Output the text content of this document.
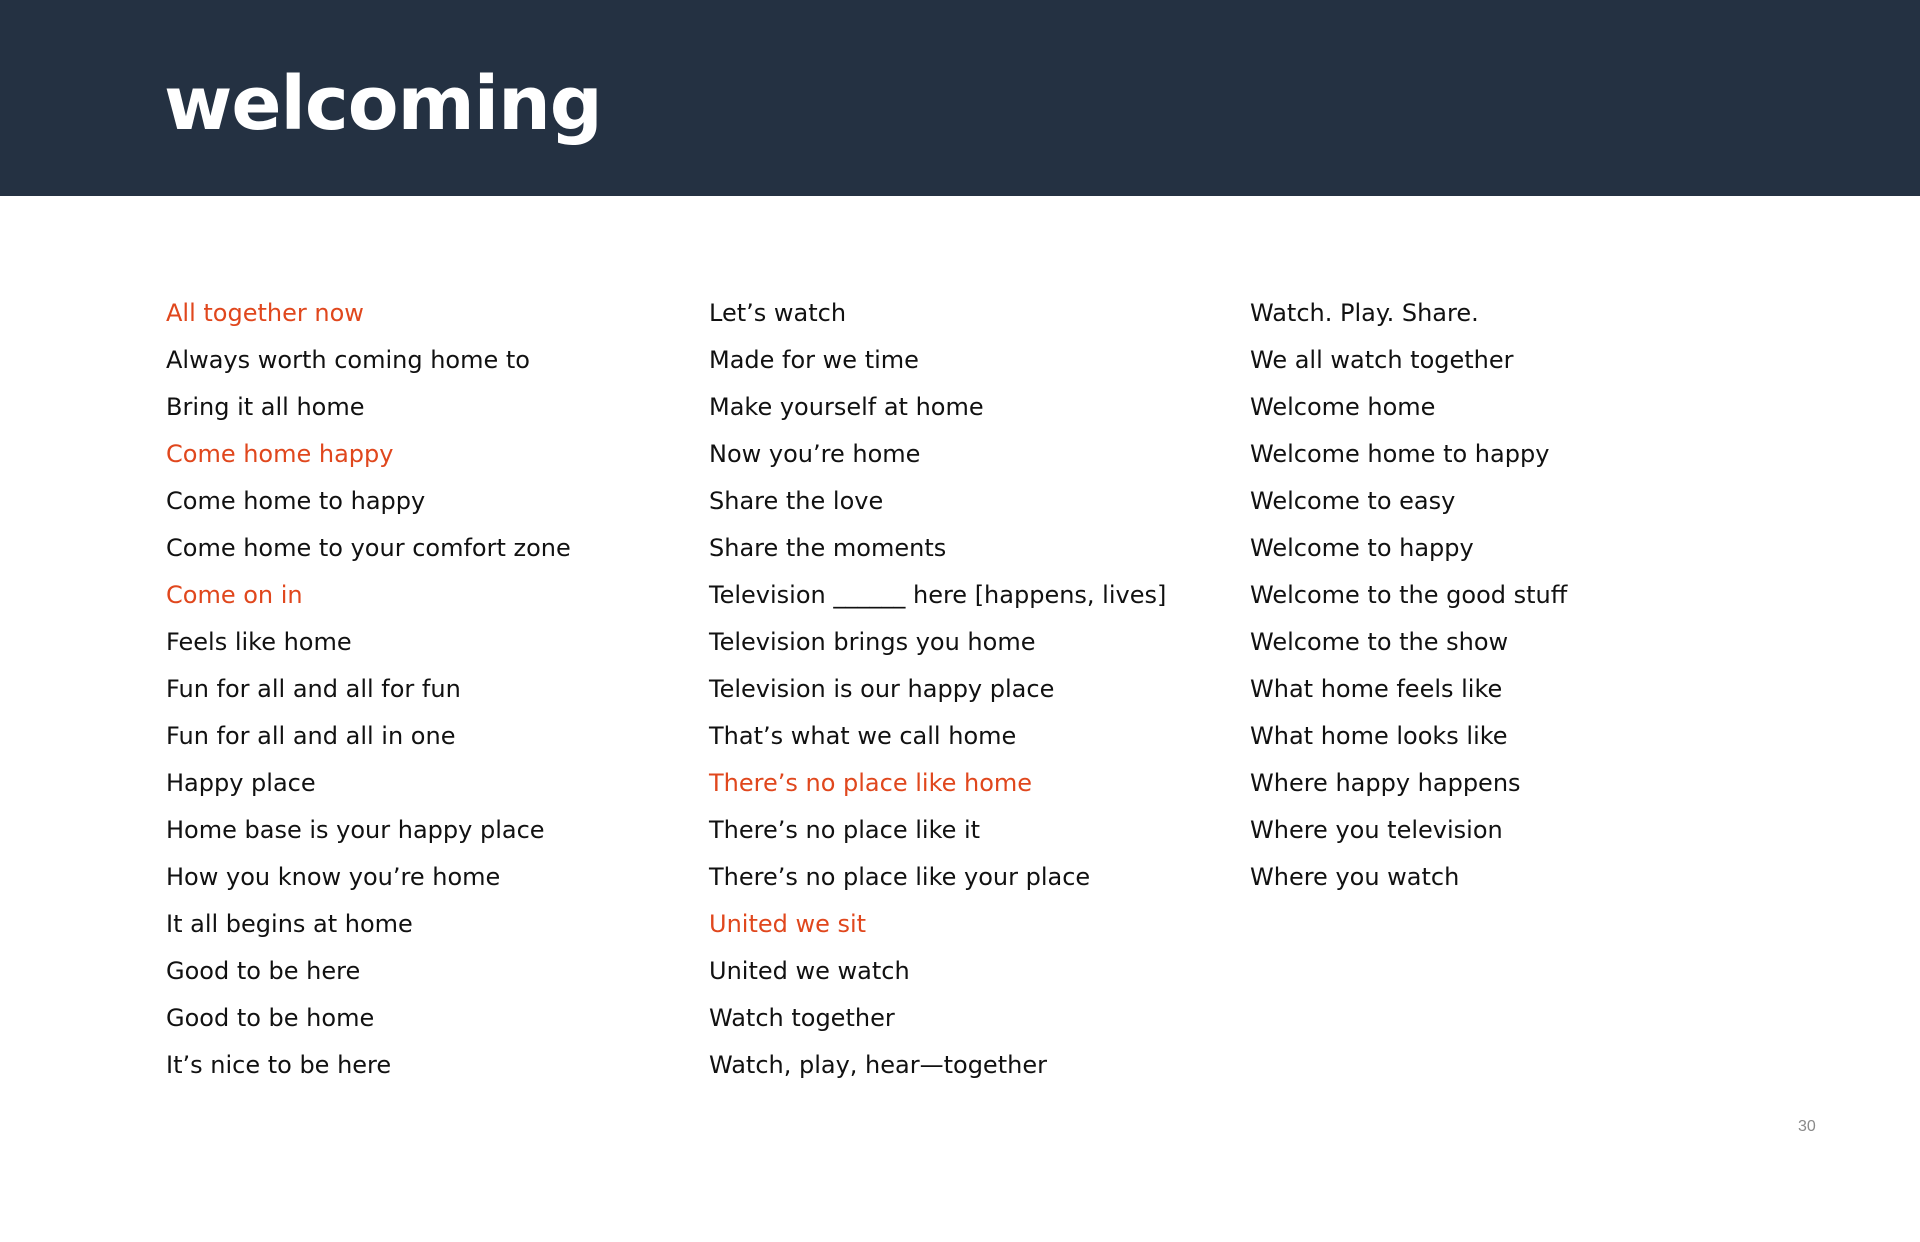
welcoming
All together now
Always worth coming home to
Bring it all home
Come home happy
Come home to happy
Come home to your comfort zone
Come on in
Feels like home
Fun for all and all for fun
Fun for all and all in one
Happy place
Home base is your happy place
How you know you’re home
It all begins at home
Good to be here
Good to be home
It’s nice to be here
Let’s watch
Made for we time
Make yourself at home
Now you’re home
Share the love
Share the moments
Television ______ here [happens, lives]
Television brings you home
Television is our happy place
That’s what we call home
There’s no place like home
There’s no place like it
There’s no place like your place
United we sit
United we watch
Watch together
Watch, play, hear—together
Watch. Play. Share.
We all watch together
Welcome home
Welcome home to happy
Welcome to easy
Welcome to happy
Welcome to the good stuff
Welcome to the show
What home feels like
What home looks like
Where happy happens
Where you television
Where you watch
30
